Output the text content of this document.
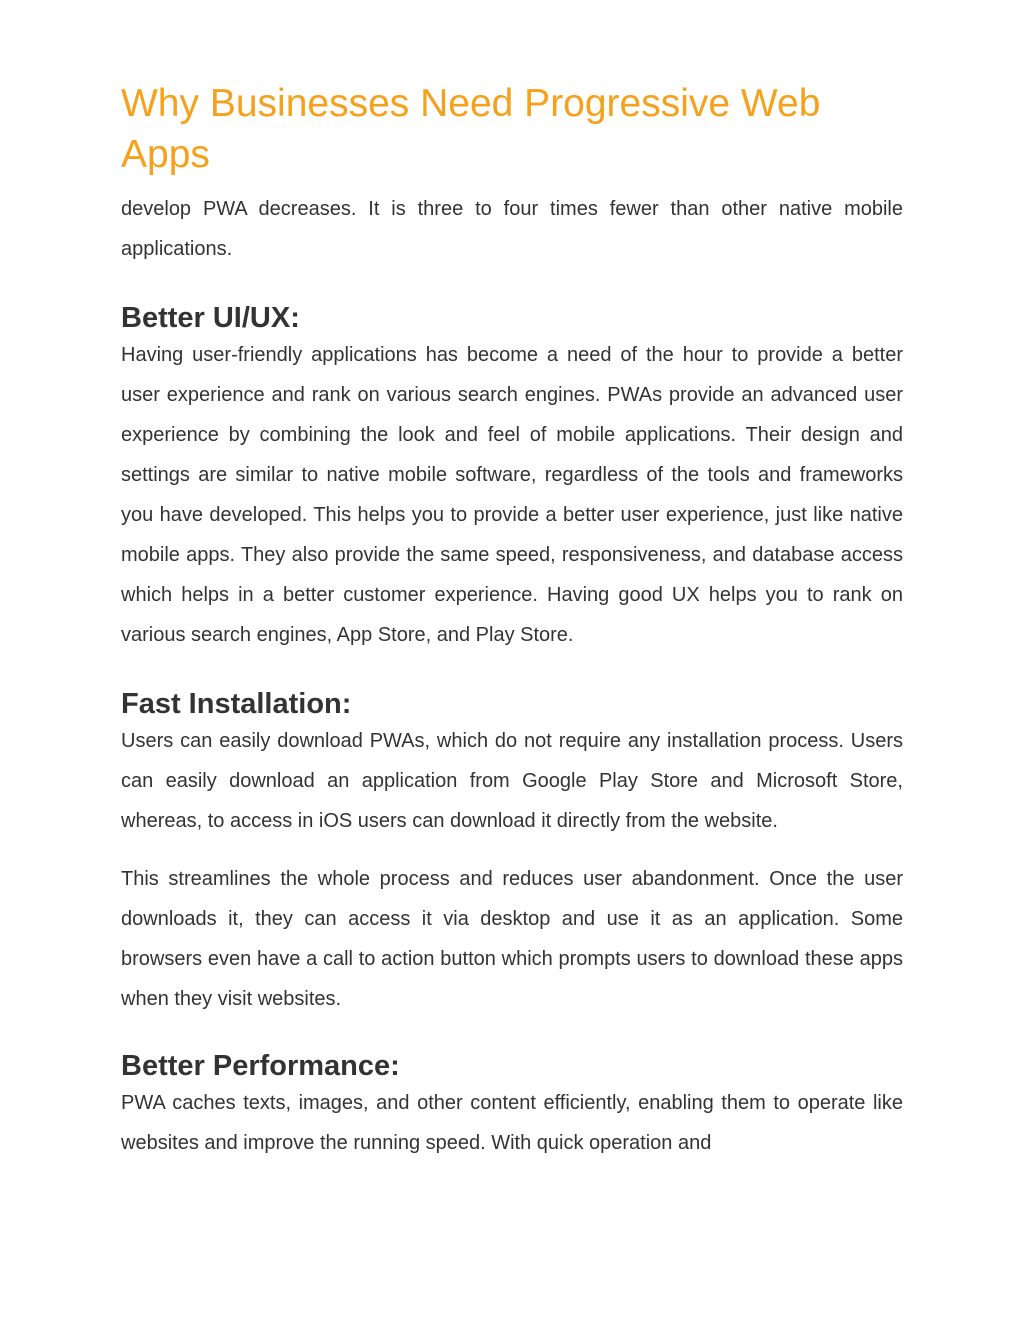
Why Businesses Need Progressive Web Apps

develop PWA decreases. It is three to four times fewer than other native mobile applications.

Better UI/UX:

Having user-friendly applications has become a need of the hour to provide a better user experience and rank on various search engines. PWAs provide an advanced user experience by combining the look and feel of mobile applications. Their design and settings are similar to native mobile software, regardless of the tools and frameworks you have developed. This helps you to provide a better user experience, just like native mobile apps. They also provide the same speed, responsiveness, and database access which helps in a better customer experience. Having good UX helps you to rank on various search engines, App Store, and Play Store.

Fast Installation:

Users can easily download PWAs, which do not require any installation process. Users can easily download an application from Google Play Store and Microsoft Store, whereas, to access in iOS users can download it directly from the website.

This streamlines the whole process and reduces user abandonment. Once the user downloads it, they can access it via desktop and use it as an application. Some browsers even have a call to action button which prompts users to download these apps when they visit websites.

Better Performance:

PWA caches texts, images, and other content efficiently, enabling them to operate like websites and improve the running speed. With quick operation and
